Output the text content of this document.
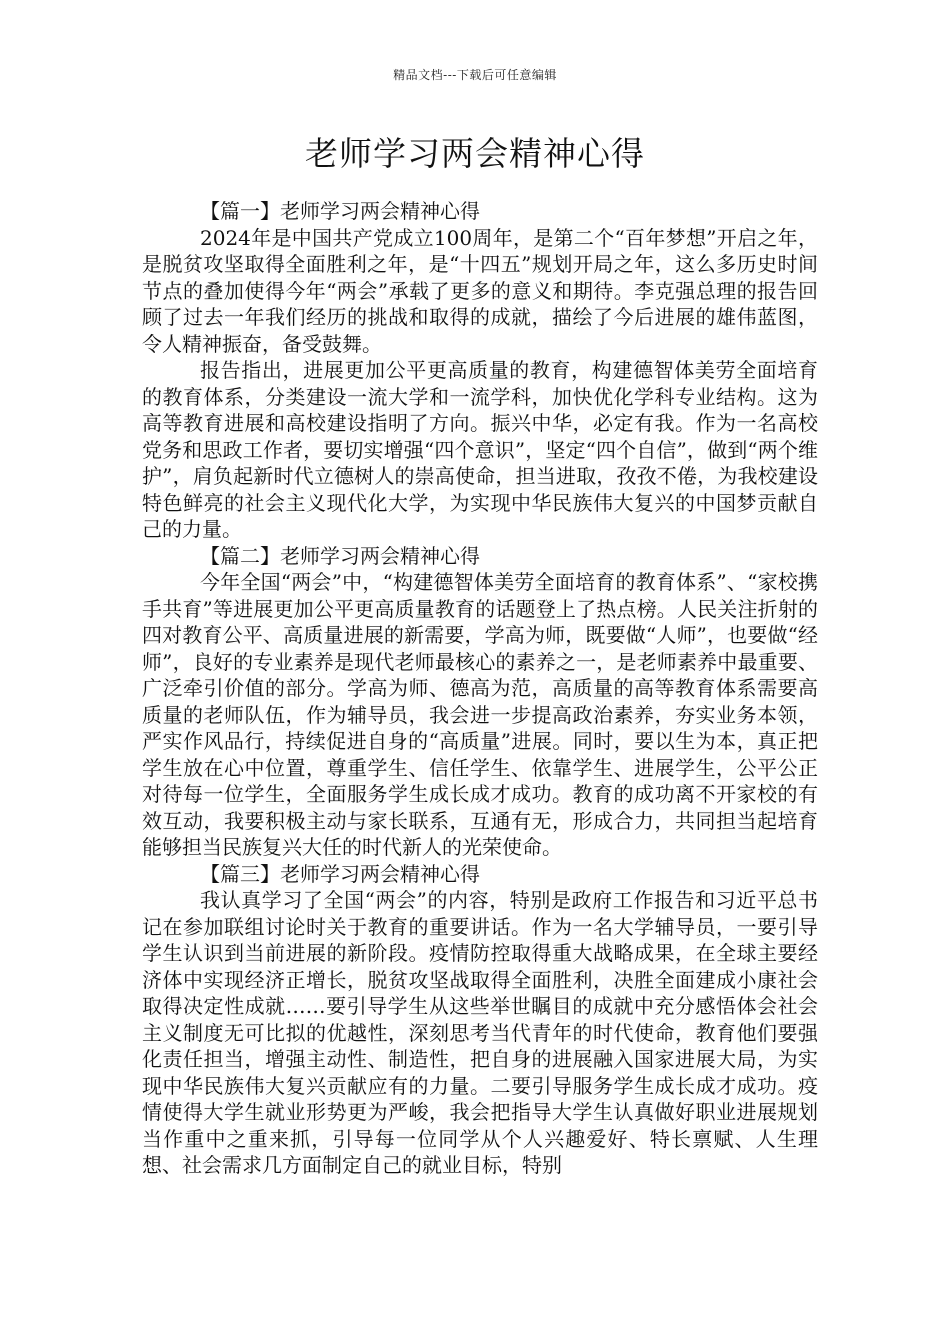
精品文档---下载后可任意编辑
老师学习两会精神心得

【篇一】老师学习两会精神心得

2024年是中国共产党成立100周年，是第二个“百年梦想”开启之年，是脱贫攻坚取得全面胜利之年，是“十四五”规划开局之年，这么多历史时间节点的叠加使得今年“两会”承载了更多的意义和期待。李克强总理的报告回顾了过去一年我们经历的挑战和取得的成就，描绘了今后进展的雄伟蓝图，令人精神振奋，备受鼓舞。

报告指出，进展更加公平更高质量的教育，构建德智体美劳全面培育的教育体系，分类建设一流大学和一流学科，加快优化学科专业结构。这为高等教育进展和高校建设指明了方向。振兴中华，必定有我。作为一名高校党务和思政工作者，要切实增强“四个意识”，坚定“四个自信”，做到“两个维护”，肩负起新时代立德树人的崇高使命，担当进取，孜孜不倦，为我校建设特色鲜亮的社会主义现代化大学，为实现中华民族伟大复兴的中国梦贡献自己的力量。

【篇二】老师学习两会精神心得

今年全国“两会”中，“构建德智体美劳全面培育的教育体系”、“家校携手共育”等进展更加公平更高质量教育的话题登上了热点榜。人民关注折射的四对教育公平、高质量进展的新需要，学高为师，既要做“人师”，也要做“经师”，良好的专业素养是现代老师最核心的素养之一，是老师素养中最重要、广泛牵引价值的部分。学高为师、德高为范，高质量的高等教育体系需要高质量的老师队伍，作为辅导员，我会进一步提高政治素养，夯实业务本领，严实作风品行，持续促进自身的“高质量”进展。同时，要以生为本，真正把学生放在心中位置，尊重学生、信任学生、依靠学生、进展学生，公平公正对待每一位学生，全面服务学生成长成才成功。教育的成功离不开家校的有效互动，我要积极主动与家长联系，互通有无，形成合力，共同担当起培育能够担当民族复兴大任的时代新人的光荣使命。

【篇三】老师学习两会精神心得

我认真学习了全国“两会”的内容，特别是政府工作报告和习近平总书记在参加联组讨论时关于教育的重要讲话。作为一名大学辅导员，一要引导学生认识到当前进展的新阶段。疫情防控取得重大战略成果，在全球主要经济体中实现经济正增长，脱贫攻坚战取得全面胜利，决胜全面建成小康社会取得决定性成就……要引导学生从这些举世瞩目的成就中充分感悟体会社会主义制度无可比拟的优越性，深刻思考当代青年的时代使命，教育他们要强化责任担当，增强主动性、制造性，把自身的进展融入国家进展大局，为实现中华民族伟大复兴贡献应有的力量。二要引导服务学生成长成才成功。疫情使得大学生就业形势更为严峻，我会把指导大学生认真做好职业进展规划当作重中之重来抓，引导每一位同学从个人兴趣爱好、特长禀赋、人生理想、社会需求几方面制定自己的就业目标，特别
